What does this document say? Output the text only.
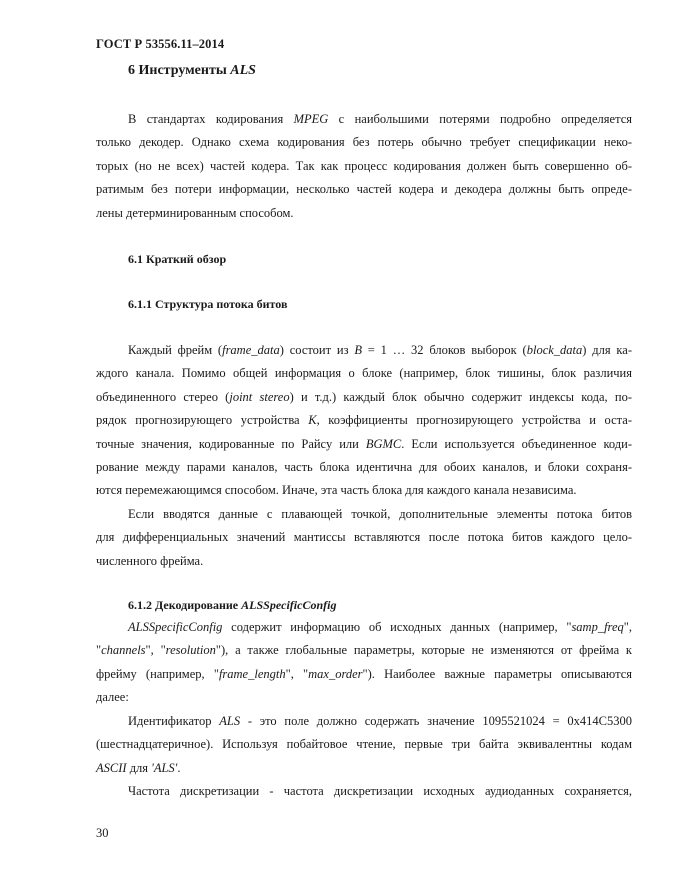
ГОСТ Р 53556.11–2014
6 Инструменты ALS
В стандартах кодирования MPEG с наибольшими потерями подробно определяется
только декодер. Однако схема кодирования без потерь обычно требует спецификации неко-
торых (но не всех) частей кодера. Так как процесс кодирования должен быть совершенно об-
ратимым без потери информации, несколько частей кодера и декодера должны быть опреде-
лены детерминированным способом.
6.1 Краткий обзор
6.1.1 Структура потока битов
Каждый фрейм (frame_data) состоит из B = 1 … 32 блоков выборок (block_data) для ка-
ждого канала. Помимо общей информация о блоке (например, блок тишины, блок различия
объединенного стерео (joint stereo) и т.д.) каждый блок обычно содержит индексы кода, по-
рядок прогнозирующего устройства K, коэффициенты прогнозирующего устройства и оста-
точные значения, кодированные по Райсу или BGMC. Если используется объединенное коди-
рование между парами каналов, часть блока идентична для обоих каналов, и блоки сохраня-
ются перемежающимся способом. Иначе, эта часть блока для каждого канала независима.
Если вводятся данные с плавающей точкой, дополнительные элементы потока битов
для дифференциальных значений мантиссы вставляются после потока битов каждого цело-
численного фрейма.
6.1.2 Декодирование ALSSpecificConfig
ALSSpecificConfig содержит информацию об исходных данных (например, "samp_freq",
"channels", "resolution"), а также глобальные параметры, которые не изменяются от фрейма к
фрейму (например, "frame_length", "max_order"). Наиболее важные параметры описываются
далее:
Идентификатор ALS - это поле должно содержать значение 1095521024 = 0x414C5300
(шестнадцатеричное). Используя побайтовое чтение, первые три байта эквивалентны кодам
ASCII для 'ALS'.
Частота дискретизации - частота дискретизации исходных аудиоданных сохраняется,
30
